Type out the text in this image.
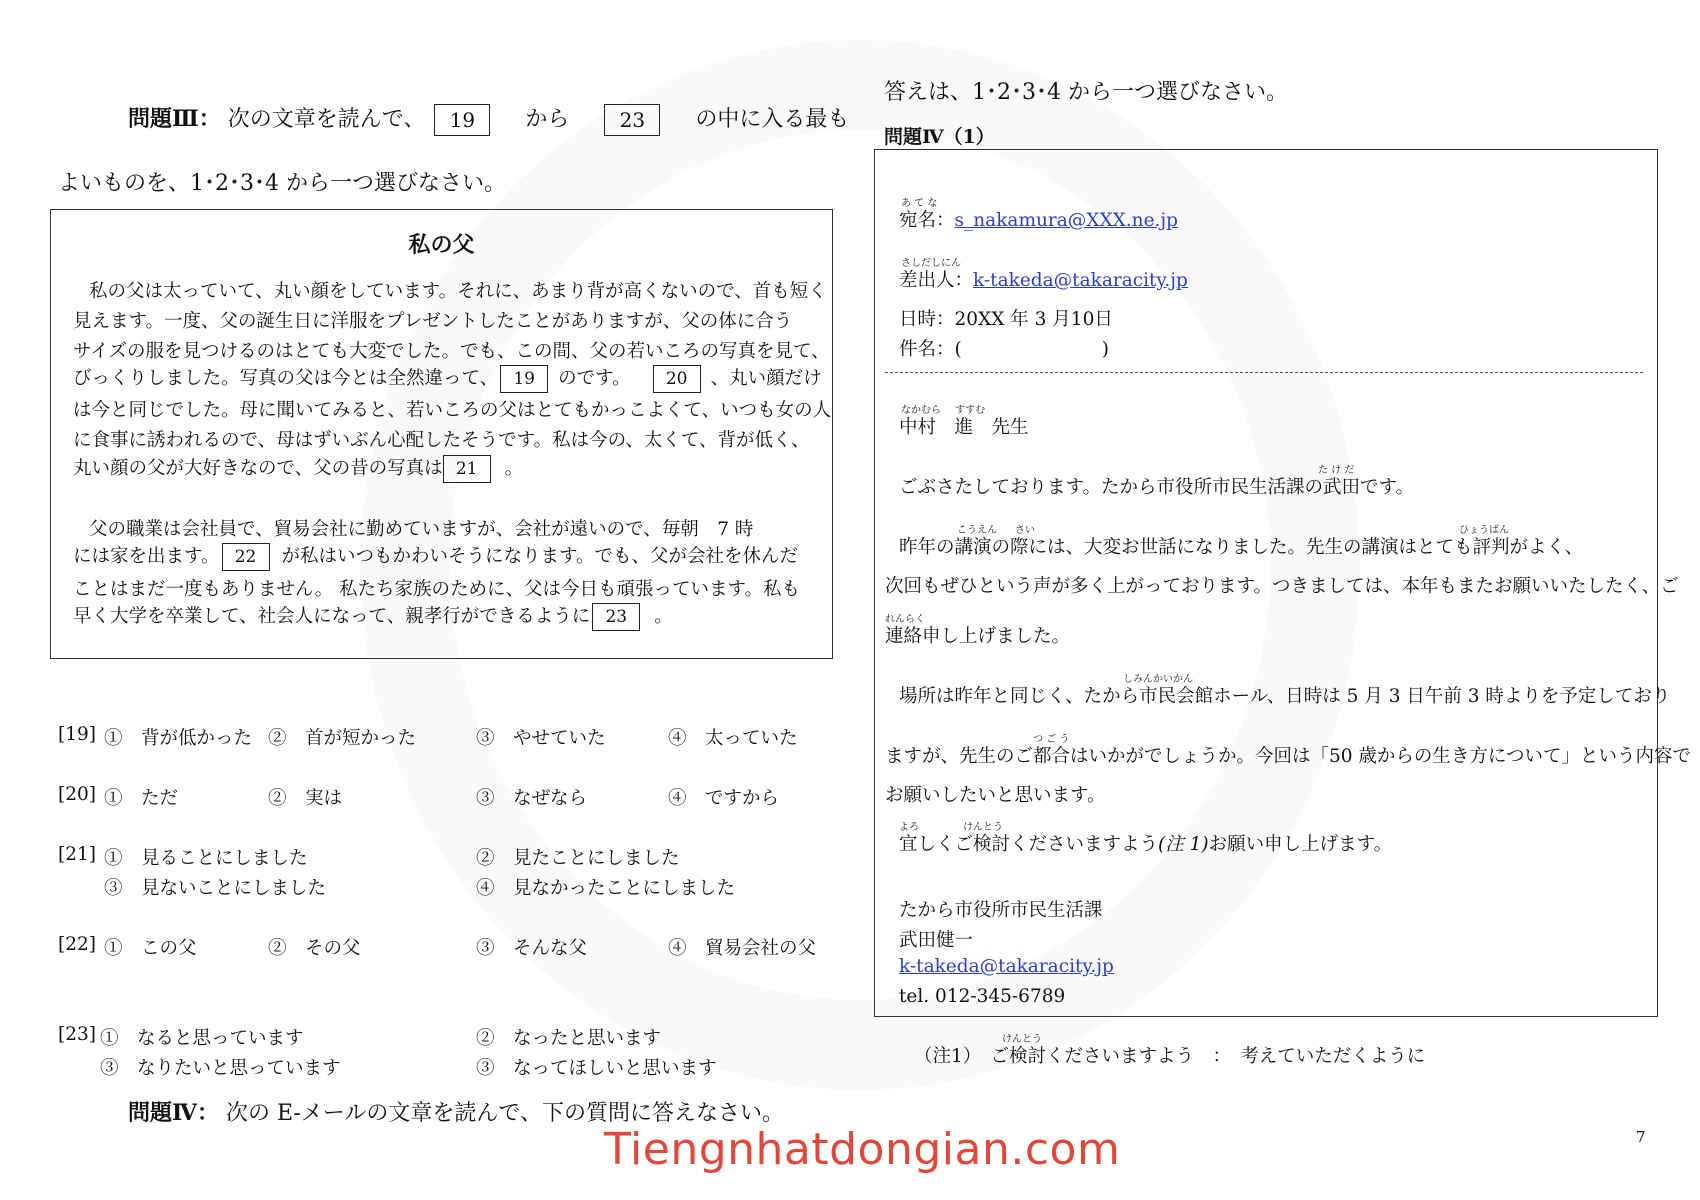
問題Ⅲ： 次の文章を読んで、 19 から	23 の中に入る最も
よいものを、1･2･3･4 から一つ選びなさい。
私の父
私の父は太っていて、丸い顔をしています。それに、あまり背が高くないので、首も短く
見えます。一度、父の誕生日に洋服をプレゼントしたことがありますが、父の体に合う
サイズの服を見つけるのはとても大変でした。でも、この間、父の若いころの写真を見て、
びっくりしました。写真の父は今とは全然違って、 19 のです。 20 、丸い顔だけ
は今と同じでした。母に聞いてみると、若いころの父はとてもかっこよくて、いつも女の人
に食事に誘われるので、母はずいぶん心配したそうです。私は今の、太くて、背が低く、
丸い顔の父が大好きなので、父の昔の写真は 21 。
父の職業は会社員で、貿易会社に勤めていますが、会社が遠いので、毎朝　7 時
には家を出ます。 22 が私はいつもかわいそうになります。でも、父が会社を休んだ
ことはまだ一度もありません。 私たち家族のために、父は今日も頑張っています。私も
早く大学を卒業して、社会人になって、親孝行ができるように 23 。
[19] ①　背が低かった ②　首が短かった	③　やせていた	④　太っていた
[20] ①　ただ	②　実は	③　なぜなら	④　ですから
[21] ①　見ることにしました	②　見たことにしました
③　見ないことにしました	④　見なかったことにしました
[22] ①　この父	②　その父	③　そんな父	④　貿易会社の父
[23] ①　なると思っています	②　なったと思います
③　なりたいと思っています	③　なってほしいと思います
問題Ⅳ： 次の E-メールの文章を読んで、下の質問に答えなさい。
答えは、1･2･3･4 から一つ選びなさい。
問題Ⅳ（1）
あ て な
宛名：s_nakamura@XXX.ne.jp
さしだしにん
差出人：k-takeda@takaracity.jp
日時：20XX 年 3 月10日
件名：(	)
なかむら すすむ
中村　進　先生
た け だ
ごぶさたしております。たから市役所市民生活課の武田です。
こうえん さい	ひょうばん
昨年の講演の際には、大変お世話になりました。先生の講演はとても評判がよく、
次回もぜひという声が多く上がっております。つきましては、本年もまたお願いいたしたく、ご
れんらく
連絡申し上げました。
しみんかいかん
場所は昨年と同じく、たから市民会館ホール、日時は 5 月 3 日午前 3 時よりを予定しており
つ ご う
ますが、先生のご都合はいかがでしょうか。今回は「50 歳からの生き方について」という内容で
お願いしたいと思います。
よろ	けんとう
宜しくご検討くださいますよう(注 1)お願い申し上げます。
たから市役所市民生活課
武田健一
k-takeda@takaracity.jp
tel. 012-345-6789
けんとう
（注1）　ご検討くださいますよう　：　考えていただくように
Tiengnhatdongian.com	7
